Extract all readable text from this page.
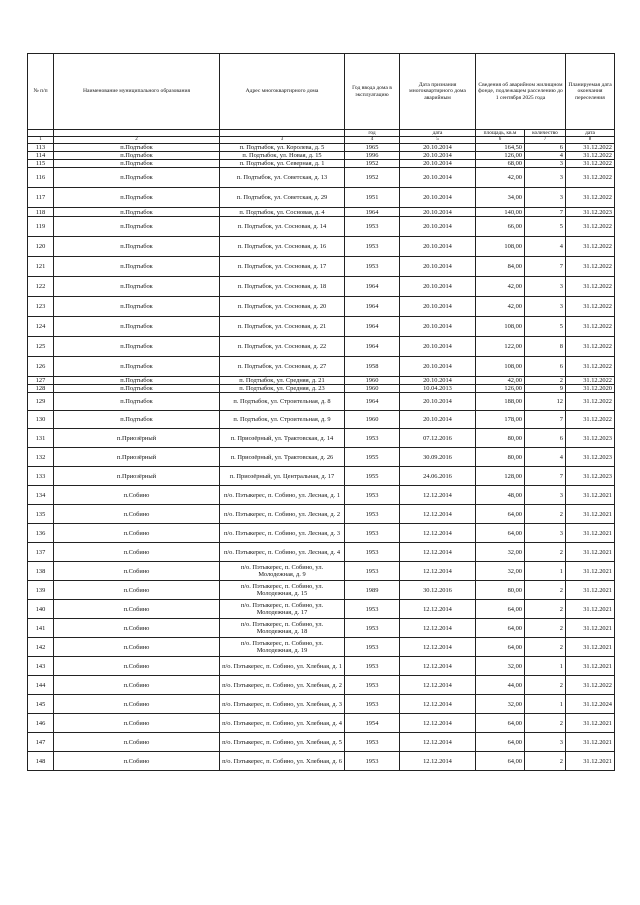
№ п/п	Наименование муниципального образования	Адрес многоквартирного дома	Год ввода дома в эксплуатацию	Дата признания многоквартирного дома аварийным	Сведения об аварийном жилищном фонде, подлежащем расселению до 1 сентября 2025 года		Планируемая дата окончания переселения
			год	дата	площадь, кв.м	количество	дата
1	2	3	4	5	6	7	8
113	п.Подтыбок	п. Подтыбок, ул. Королева, д. 5	1965	20.10.2014	164,50	6	31.12.2022
114	п.Подтыбок	п. Подтыбок, ул. Новая, д. 15	1996	20.10.2014	126,00	4	31.12.2022
115	п.Подтыбок	п. Подтыбок, ул. Северная, д. 1	1952	20.10.2014	68,00	3	31.12.2022
116	п.Подтыбок	п. Подтыбок, ул. Советская, д. 13	1952	20.10.2014	42,00	3	31.12.2022
117	п.Подтыбок	п. Подтыбок, ул. Советская, д. 29	1951	20.10.2014	34,00	3	31.12.2022
118	п.Подтыбок	п. Подтыбок, ул. Сосновая, д. 4	1964	20.10.2014	140,00	7	31.12.2023
119	п.Подтыбок	п. Подтыбок, ул. Сосновая, д. 14	1953	20.10.2014	66,00	5	31.12.2022
120	п.Подтыбок	п. Подтыбок, ул. Сосновая, д. 16	1953	20.10.2014	108,00	4	31.12.2022
121	п.Подтыбок	п. Подтыбок, ул. Сосновая, д. 17	1953	20.10.2014	84,00	7	31.12.2022
122	п.Подтыбок	п. Подтыбок, ул. Сосновая, д. 18	1964	20.10.2014	42,00	3	31.12.2022
123	п.Подтыбок	п. Подтыбок, ул. Сосновая, д. 20	1964	20.10.2014	42,00	3	31.12.2022
124	п.Подтыбок	п. Подтыбок, ул. Сосновая, д. 21	1964	20.10.2014	108,00	5	31.12.2022
125	п.Подтыбок	п. Подтыбок, ул. Сосновая, д. 22	1964	20.10.2014	122,00	8	31.12.2022
126	п.Подтыбок	п. Подтыбок, ул. Сосновая, д. 27	1958	20.10.2014	108,00	6	31.12.2022
127	п.Подтыбок	п. Подтыбок, ул. Средняя, д. 21	1960	20.10.2014	42,00	2	31.12.2022
128	п.Подтыбок	п. Подтыбок, ул. Средняя, д. 23	1960	10.04.2013	126,00	9	31.12.2020
129	п.Подтыбок	п. Подтыбок, ул. Строительная, д. 8	1964	20.10.2014	188,00	12	31.12.2022
130	п.Подтыбок	п. Подтыбок, ул. Строительная, д. 9	1960	20.10.2014	178,00	7	31.12.2022
131	п.Приозёрный	п. Приозёрный, ул. Трактовская, д. 14	1953	07.12.2016	80,00	6	31.12.2023
132	п.Приозёрный	п. Приозёрный, ул. Трактовская, д. 26	1955	30.09.2016	80,00	4	31.12.2023
133	п.Приозёрный	п. Приозёрный, ул. Центральная, д. 17	1955	24.06.2016	128,00	7	31.12.2023
134	п.Собино	п/о. Пэтыкерес, п. Собино, ул. Лесная, д. 1	1953	12.12.2014	48,00	3	31.12.2021
135	п.Собино	п/о. Пэтыкерес, п. Собино, ул. Лесная, д. 2	1953	12.12.2014	64,00	2	31.12.2021
136	п.Собино	п/о. Пэтыкерес, п. Собино, ул. Лесная, д. 3	1953	12.12.2014	64,00	3	31.12.2021
137	п.Собино	п/о. Пэтыкерес, п. Собино, ул. Лесная, д. 4	1953	12.12.2014	32,00	2	31.12.2021
138	п.Собино	п/о. Пэтыкерес, п. Собино, ул. Молодежная, д. 9	1953	12.12.2014	32,00	1	31.12.2021
139	п.Собино	п/о. Пэтыкерес, п. Собино, ул. Молодежная, д. 15	1989	30.12.2016	80,00	2	31.12.2021
140	п.Собино	п/о. Пэтыкерес, п. Собино, ул. Молодежная, д. 17	1953	12.12.2014	64,00	2	31.12.2021
141	п.Собино	п/о. Пэтыкерес, п. Собино, ул. Молодежная, д. 18	1953	12.12.2014	64,00	2	31.12.2021
142	п.Собино	п/о. Пэтыкерес, п. Собино, ул. Молодежная, д. 19	1953	12.12.2014	64,00	2	31.12.2021
143	п.Собино	п/о. Пэтыкерес, п. Собино, ул. Хлебная, д. 1	1953	12.12.2014	32,00	1	31.12.2021
144	п.Собино	п/о. Пэтыкерес, п. Собино, ул. Хлебная, д. 2	1953	12.12.2014	44,00	2	31.12.2022
145	п.Собино	п/о. Пэтыкерес, п. Собино, ул. Хлебная, д. 3	1953	12.12.2014	32,00	1	31.12.2024
146	п.Собино	п/о. Пэтыкерес, п. Собино, ул. Хлебная, д. 4	1954	12.12.2014	64,00	2	31.12.2021
147	п.Собино	п/о. Пэтыкерес, п. Собино, ул. Хлебная, д. 5	1953	12.12.2014	64,00	3	31.12.2021
148	п.Собино	п/о. Пэтыкерес, п. Собино, ул. Хлебная, д. 6	1953	12.12.2014	64,00	2	31.12.2021
